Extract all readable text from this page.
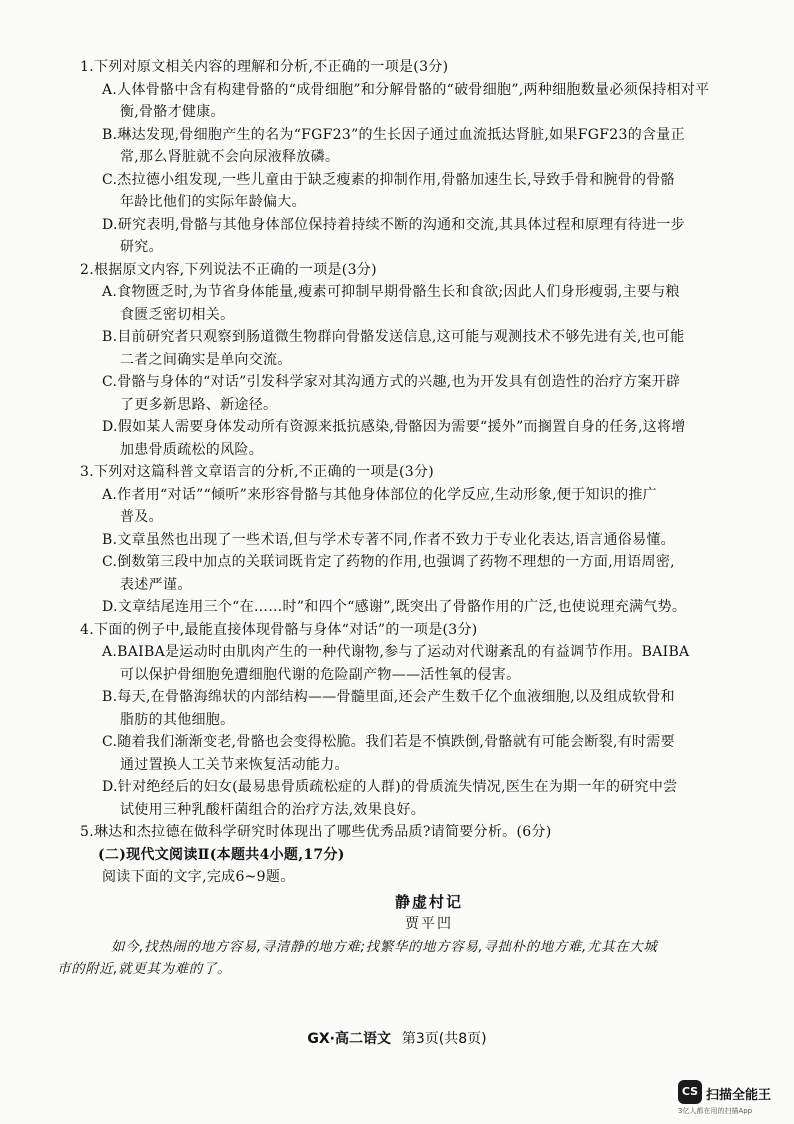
1.下列对原文相关内容的理解和分析,不正确的一项是(3分)
A.人体骨骼中含有构建骨骼的“成骨细胞”和分解骨骼的“破骨细胞”,两种细胞数量必须保持相对平
衡,骨骼才健康。
B.琳达发现,骨细胞产生的名为“FGF23”的生长因子通过血流抵达肾脏,如果FGF23的含量正
常,那么肾脏就不会向尿液释放磷。
C.杰拉德小组发现,一些儿童由于缺乏瘦素的抑制作用,骨骼加速生长,导致手骨和腕骨的骨骼
年龄比他们的实际年龄偏大。
D.研究表明,骨骼与其他身体部位保持着持续不断的沟通和交流,其具体过程和原理有待进一步
研究。
2.根据原文内容,下列说法不正确的一项是(3分)
A.食物匮乏时,为节省身体能量,瘦素可抑制早期骨骼生长和食欲;因此人们身形瘦弱,主要与粮
食匮乏密切相关。
B.目前研究者只观察到肠道微生物群向骨骼发送信息,这可能与观测技术不够先进有关,也可能
二者之间确实是单向交流。
C.骨骼与身体的“对话”引发科学家对其沟通方式的兴趣,也为开发具有创造性的治疗方案开辟
了更多新思路、新途径。
D.假如某人需要身体发动所有资源来抵抗感染,骨骼因为需要“援外”而搁置自身的任务,这将增
加患骨质疏松的风险。
3.下列对这篇科普文章语言的分析,不正确的一项是(3分)
A.作者用“对话”“倾听”来形容骨骼与其他身体部位的化学反应,生动形象,便于知识的推广
普及。
B.文章虽然也出现了一些术语,但与学术专著不同,作者不致力于专业化表达,语言通俗易懂。
C.倒数第三段中加点的关联词既肯定了药物的作用,也强调了药物不理想的一方面,用语周密,
表述严谨。
D.文章结尾连用三个“在……时”和四个“感谢”,既突出了骨骼作用的广泛,也使说理充满气势。
4.下面的例子中,最能直接体现骨骼与身体“对话”的一项是(3分)
A.BAIBA是运动时由肌肉产生的一种代谢物,参与了运动对代谢紊乱的有益调节作用。BAIBA
可以保护骨细胞免遭细胞代谢的危险副产物——活性氧的侵害。
B.每天,在骨骼海绵状的内部结构——骨髓里面,还会产生数千亿个血液细胞,以及组成软骨和
脂肪的其他细胞。
C.随着我们渐渐变老,骨骼也会变得松脆。我们若是不慎跌倒,骨骼就有可能会断裂,有时需要
通过置换人工关节来恢复活动能力。
D.针对绝经后的妇女(最易患骨质疏松症的人群)的骨质流失情况,医生在为期一年的研究中尝
试使用三种乳酸杆菌组合的治疗方法,效果良好。
5.琳达和杰拉德在做科学研究时体现出了哪些优秀品质?请简要分析。(6分)
(二)现代文阅读Ⅱ(本题共4小题,17分)
阅读下面的文字,完成6~9题。
静虚村记
贾平凹
如今,找热闹的地方容易,寻清静的地方难;找繁华的地方容易,寻拙朴的地方难,尤其在大城
市的附近,就更其为难的了。
GX·高二语文 第3页(共8页)
CS 扫描全能王
3亿人都在用的扫描App
